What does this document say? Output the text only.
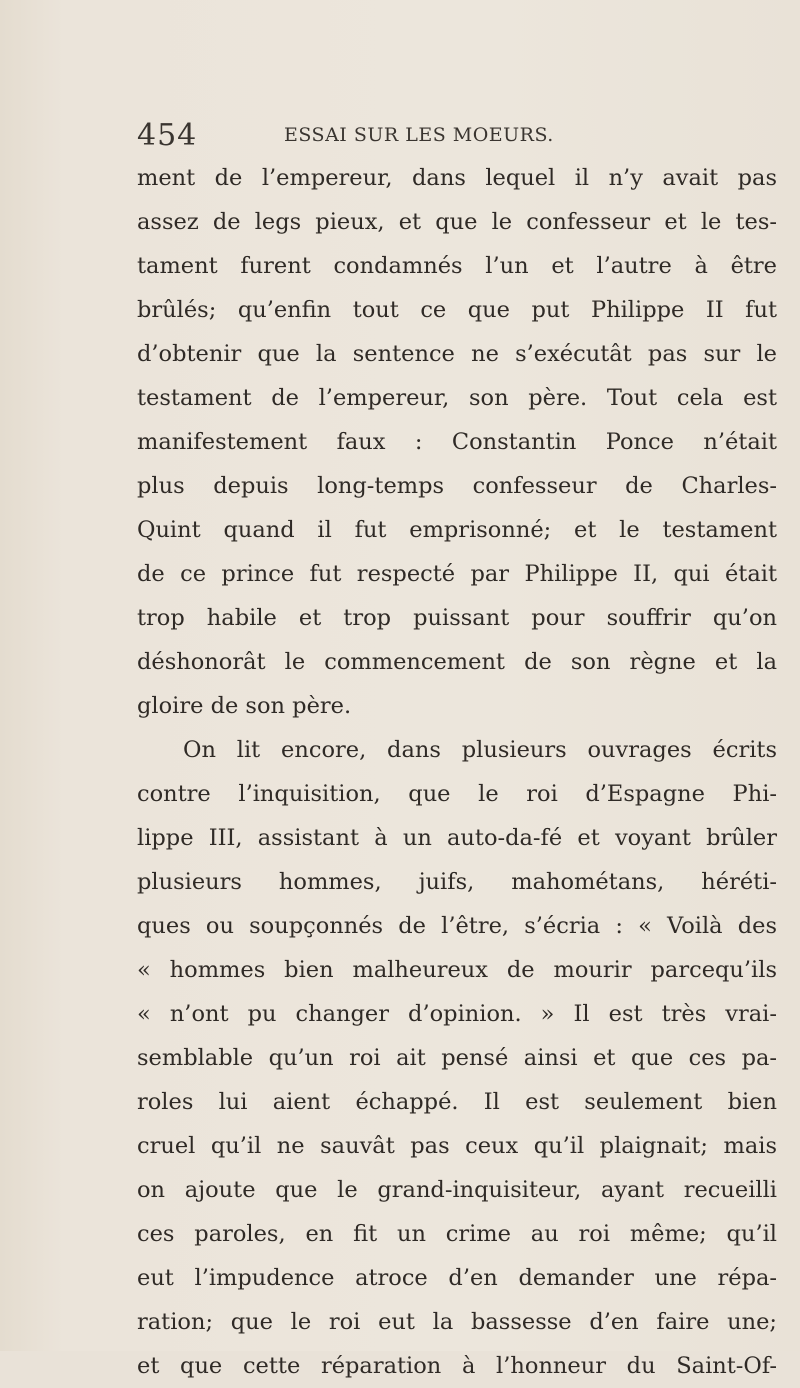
454	ESSAI SUR LES MOEURS.
ment de l’empereur, dans lequel il n’y avait pas
assez de legs pieux, et que le confesseur et le tes-
tament furent condamnés l’un et l’autre à être
brûlés; qu’enfin tout ce que put Philippe II fut
d’obtenir que la sentence ne s’exécutât pas sur le
testament de l’empereur, son père. Tout cela est
manifestement faux : Constantin Ponce n’était
plus depuis long-temps confesseur de Charles-
Quint quand il fut emprisonné; et le testament
de ce prince fut respecté par Philippe II, qui était
trop habile et trop puissant pour souffrir qu’on
déshonorât le commencement de son règne et la
gloire de son père.
On lit encore, dans plusieurs ouvrages écrits
contre l’inquisition, que le roi d’Espagne Phi-
lippe III, assistant à un auto-da-fé et voyant brûler
plusieurs hommes, juifs, mahométans, héréti-
ques ou soupçonnés de l’être, s’écria : « Voilà des
« hommes bien malheureux de mourir parcequ’ils
« n’ont pu changer d’opinion. » Il est très vrai-
semblable qu’un roi ait pensé ainsi et que ces pa-
roles lui aient échappé. Il est seulement bien
cruel qu’il ne sauvât pas ceux qu’il plaignait; mais
on ajoute que le grand-inquisiteur, ayant recueilli
ces paroles, en fit un crime au roi même; qu’il
eut l’impudence atroce d’en demander une répa-
ration; que le roi eut la bassesse d’en faire une;
et que cette réparation à l’honneur du Saint-Of-
